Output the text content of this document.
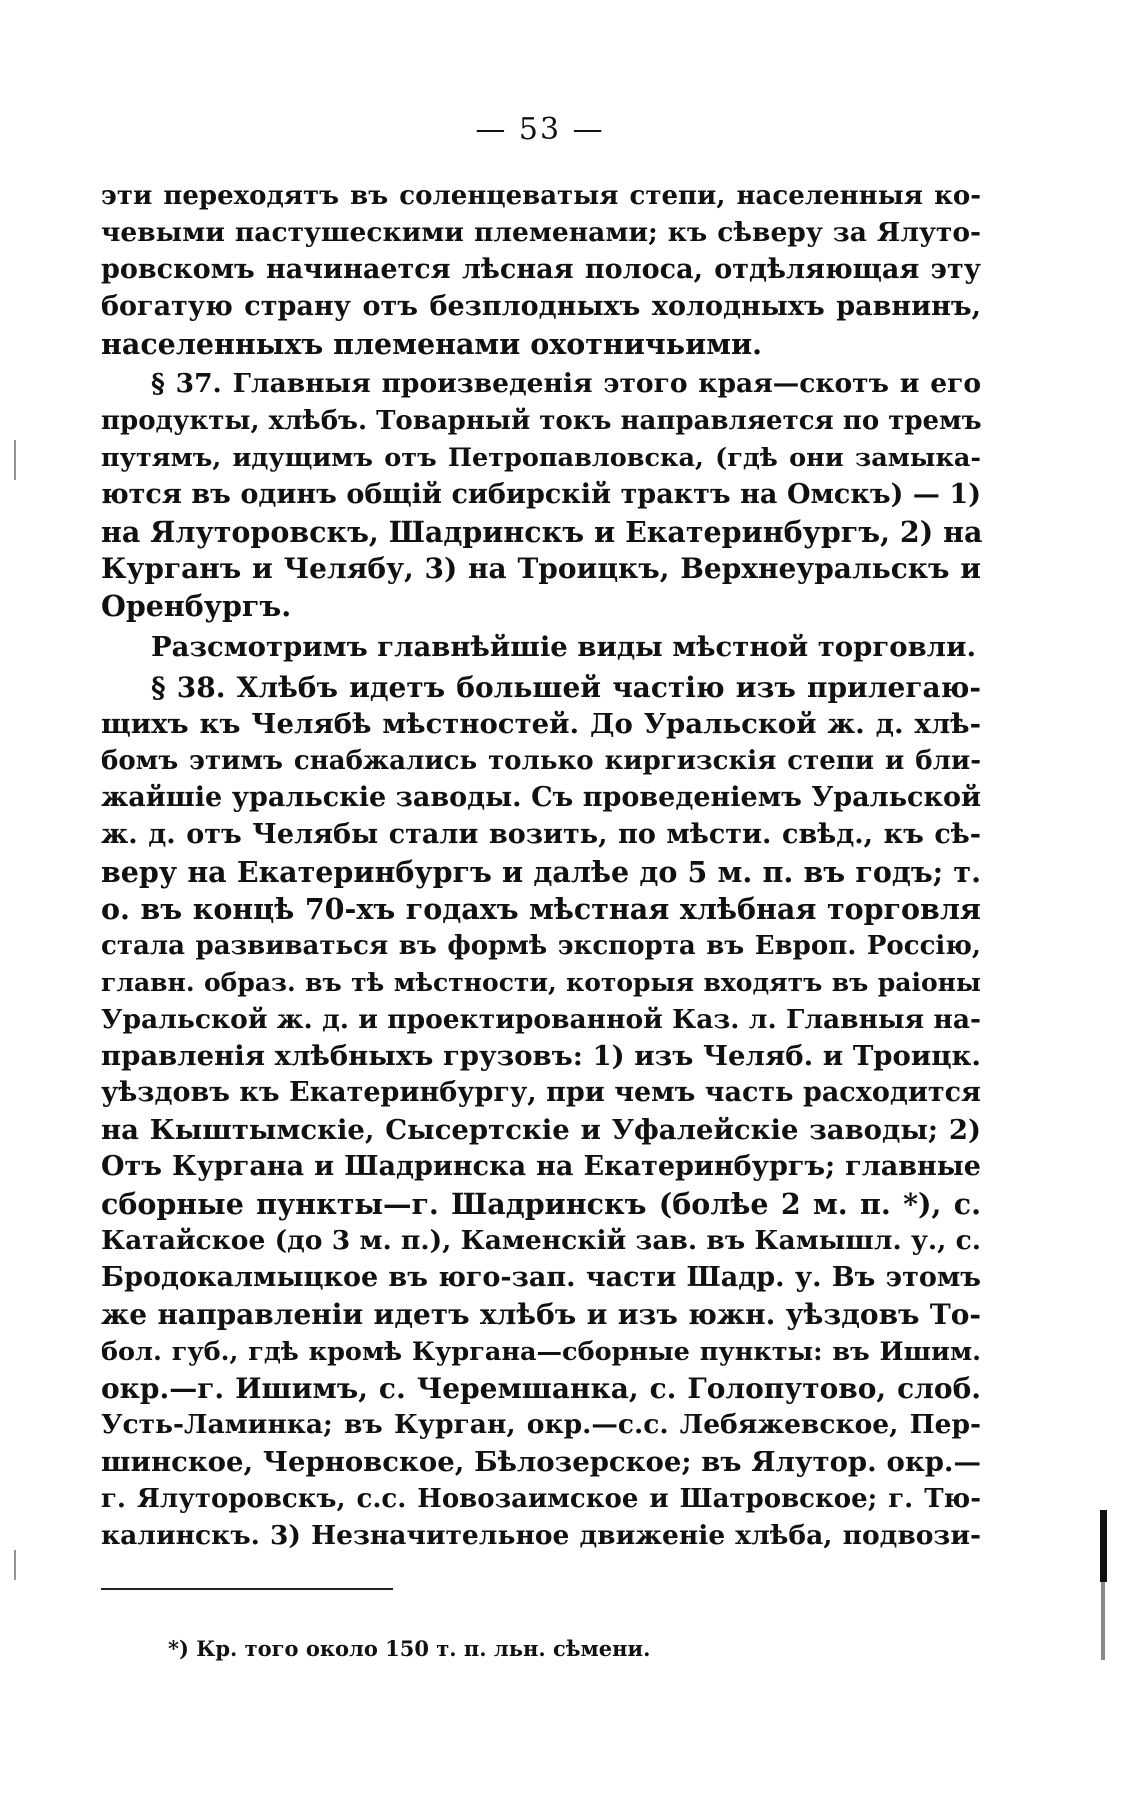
— 53 —
эти переходятъ въ соленцеватыя степи, населенныя ко-
чевыми пастушескими племенами; къ сѣверу за Ялуто-
ровскомъ начинается лѣсная полоса, отдѣляющая эту
богатую страну отъ безплодныхъ холодныхъ равнинъ,
населенныхъ племенами охотничьими.
§ 37. Главныя произведенія этого края—скотъ и его
продукты, хлѣбъ. Товарный токъ направляется по тремъ
путямъ, идущимъ отъ Петропавловска, (гдѣ они замыка-
ются въ одинъ общій сибирскій трактъ на Омскъ) — 1)
на Ялуторовскъ, Шадринскъ и Екатеринбургъ, 2) на
Курганъ и Челябу, 3) на Троицкъ, Верхнеуральскъ и
Оренбургъ.
Разсмотримъ главнѣйшіе виды мѣстной торговли.
§ 38. Хлѣбъ идетъ большей частію изъ прилегаю-
щихъ къ Челябѣ мѣстностей. До Уральской ж. д. хлѣ-
бомъ этимъ снабжались только киргизскія степи и бли-
жайшіе уральскіе заводы. Съ проведеніемъ Уральской
ж. д. отъ Челябы стали возить, по мѣсти. свѣд., къ сѣ-
веру на Екатеринбургъ и далѣе до 5 м. п. въ годъ; т.
о. въ концѣ 70-хъ годахъ мѣстная хлѣбная торговля
стала развиваться въ формѣ экспорта въ Европ. Россію,
главн. образ. въ тѣ мѣстности, которыя входятъ въ раіоны
Уральской ж. д. и проектированной Каз. л. Главныя на-
правленія хлѣбныхъ грузовъ: 1) изъ Челяб. и Троицк.
уѣздовъ къ Екатеринбургу, при чемъ часть расходится
на Кыштымскіе, Сысертскіе и Уфалейскіе заводы; 2)
Отъ Кургана и Шадринска на Екатеринбургъ; главные
сборные пункты—г. Шадринскъ (болѣе 2 м. п. *), с.
Катайское (до 3 м. п.), Каменскій зав. въ Камышл. у., с.
Бродокалмыцкое въ юго-зап. части Шадр. у. Въ этомъ
же направленіи идетъ хлѣбъ и изъ южн. уѣздовъ То-
бол. губ., гдѣ кромѣ Кургана—сборные пункты: въ Ишим.
окр.—г. Ишимъ, с. Черемшанка, с. Голопутово, слоб.
Усть-Ламинка; въ Курган, окр.—с.с. Лебяжевское, Пер-
шинское, Черновское, Бѣлозерское; въ Ялутор. окр.—
г. Ялуторовскъ, с.с. Новозаимское и Шатровское; г. Тю-
калинскъ. 3) Незначительное движеніе хлѣба, подвози-
*) Кр. того около 150 т. п. льн. сѣмени.
